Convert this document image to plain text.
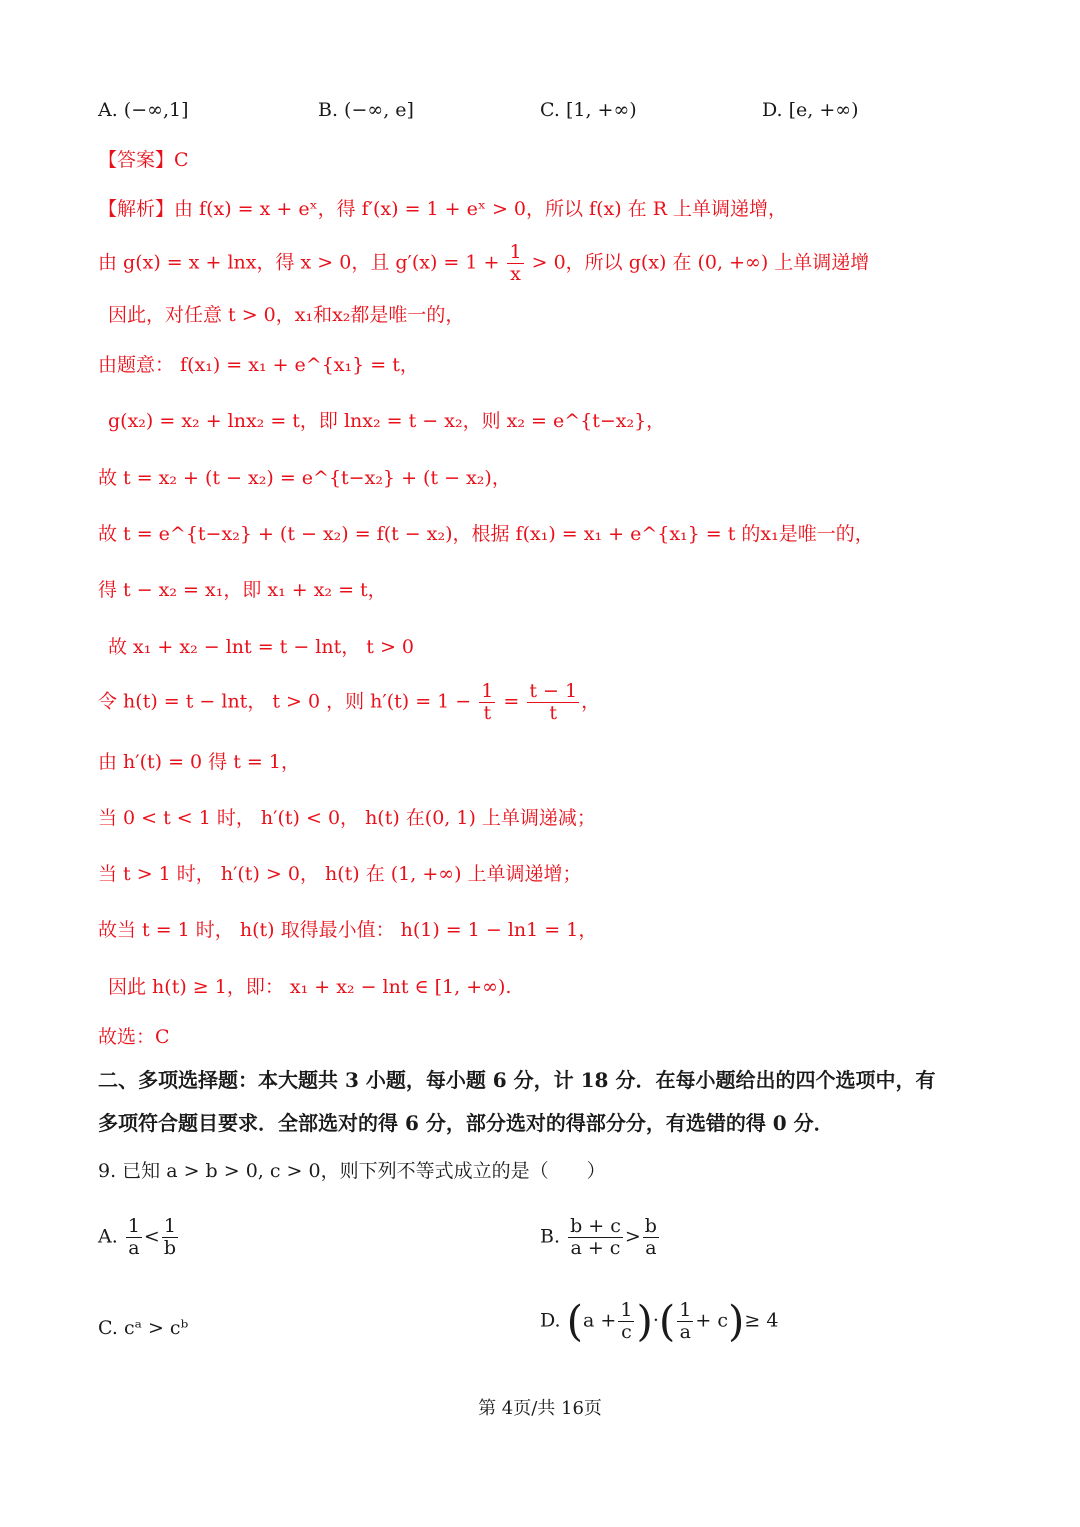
A. (−∞,1]	B. (−∞, e]	C. [1, +∞)	D. [e, +∞)
【答案】C
【解析】由 f(x) = x + eˣ，得 f′(x) = 1 + eˣ > 0，所以 f(x) 在 R 上单调递增，
由 g(x) = x + lnx，得 x > 0，且 $g'(x) = 1 + \frac{1}{x} > 0$，所以 g(x) 在 (0, +∞) 上单调递增
因此，对任意 t > 0，x₁和x₂都是唯一的，
由题意： f(x₁) = x₁ + e^{x₁} = t，
g(x₂) = x₂ + lnx₂ = t，即 lnx₂ = t − x₂，则 x₂ = e^{t−x₂}，
故 t = x₂ + (t − x₂) = e^{t−x₂} + (t − x₂)，
故 t = e^{t−x₂} + (t − x₂) = f(t − x₂)，根据 f(x₁) = x₁ + e^{x₁} = t 的x₁是唯一的，
得 t − x₂ = x₁，即 x₁ + x₂ = t，
故 x₁ + x₂ − lnt = t − lnt， t > 0
令 h(t) = t − lnt， t > 0 ，则 $h'(t) = 1 - \frac{1}{t} = \frac{t - 1}{t}$ ，
由 h′(t) = 0 得 t = 1，
当 0 < t < 1 时， h′(t) < 0， h(t) 在(0, 1) 上单调递减；
当 t > 1 时， h′(t) > 0， h(t) 在 (1, +∞) 上单调递增；
故当 t = 1 时， h(t) 取得最小值： h(1) = 1 − ln1 = 1，
因此 h(t) ≥ 1，即： x₁ + x₂ − lnt ∈ [1, +∞).
故选：C
二、多项选择题：本大题共 3 小题，每小题 6 分，计 18 分．在每小题给出的四个选项中，有
多项符合题目要求．全部选对的得 6 分，部分选对的得部分分，有选错的得 0 分．
9. 已知 a > b > 0, c > 0，则下列不等式成立的是（　　）
A. $\frac{1}{a} < \frac{1}{b}$	B. $\frac{b + c}{a + c} > \frac{b}{a}$
C. cᵃ > cᵇ	D. ($a + \frac{1}{c}$ )·( $\frac{1}{a} + c)\ge 4$
第 4页/共 16页
